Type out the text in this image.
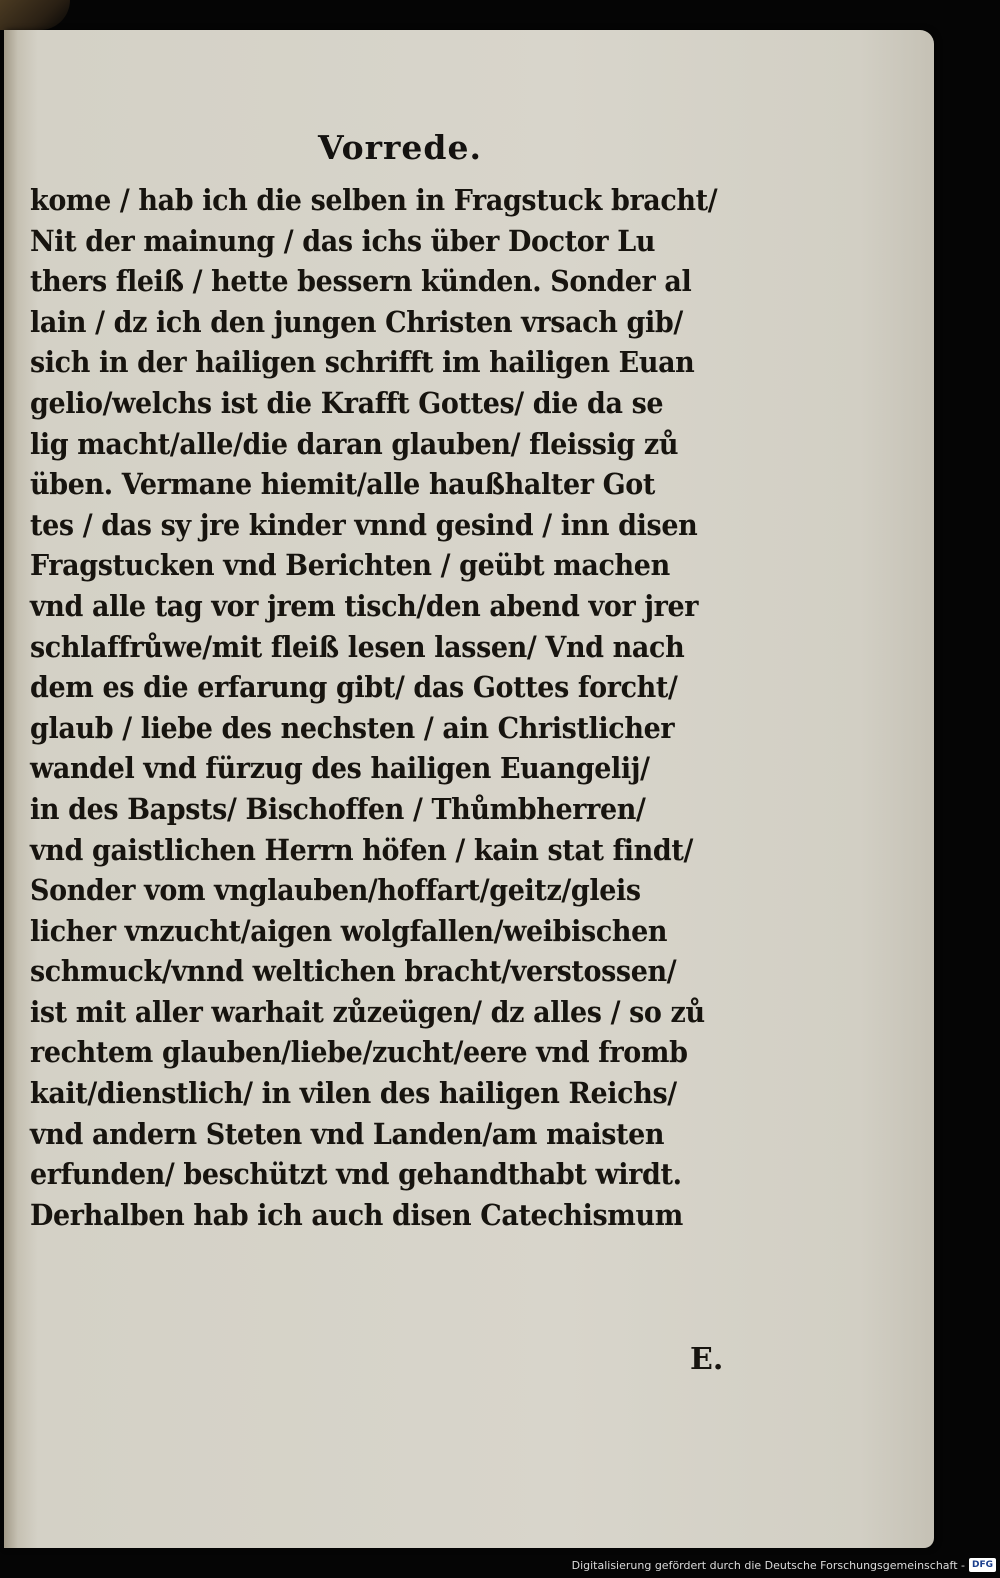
Vorrede.
kome / hab ich die selben in Fragstuck bracht/
Nit der mainung / das ichs über Doctor Lu
thers fleiß / hette bessern künden. Sonder al
lain / dz ich den jungen Christen vrsach gib/
sich in der hailigen schrifft im hailigen Euan
gelio/welchs ist die Krafft Gottes/ die da se
lig macht/alle/die daran glauben/ fleissig zů
üben. Vermane hiemit/alle haußhalter Got
tes / das sy jre kinder vnnd gesind / inn disen
Fragstucken vnd Berichten / geübt machen
vnd alle tag vor jrem tisch/den abend vor jrer
schlaffrůwe/mit fleiß lesen lassen/ Vnd nach
dem es die erfarung gibt/ das Gottes forcht/
glaub / liebe des nechsten / ain Christlicher
wandel vnd fürzug des hailigen Euangelij/
in des Bapsts/ Bischoffen / Thůmbherren/
vnd gaistlichen Herrn höfen / kain stat findt/
Sonder vom vnglauben/hoffart/geitz/gleis
licher vnzucht/aigen wolgfallen/weibischen
schmuck/vnnd weltichen bracht/verstossen/
ist mit aller warhait zůzeügen/ dz alles / so zů
rechtem glauben/liebe/zucht/eere vnd fromb
kait/dienstlich/ in vilen des hailigen Reichs/
vnd andern Steten vnd Landen/am maisten
erfunden/ beschützt vnd gehandthabt wirdt.
Derhalben hab ich auch disen Catechismum
E.
Digitalisierung gefördert durch die Deutsche Forschungsgemeinschaft - DFG
